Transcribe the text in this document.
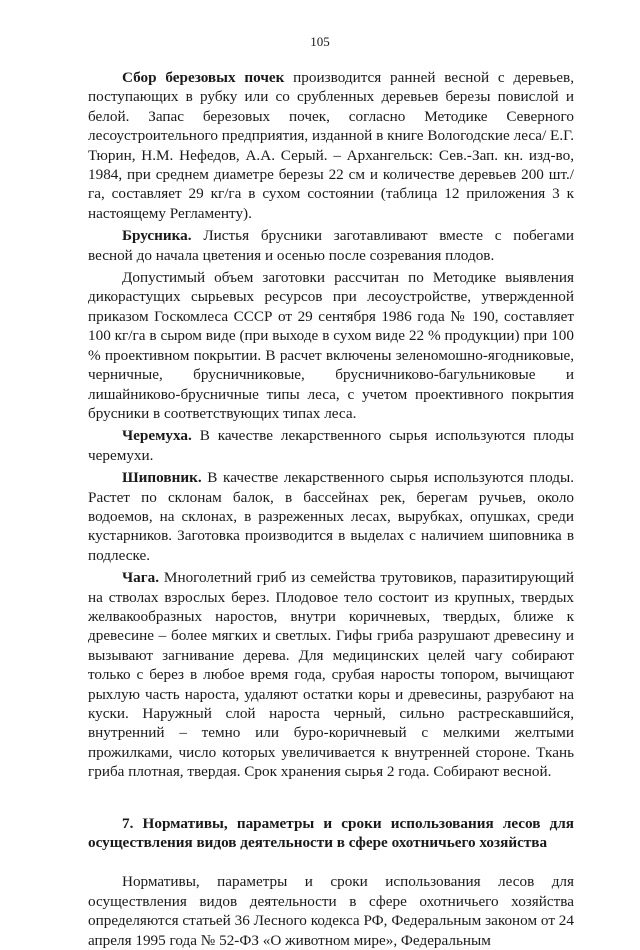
105

Сбор березовых почек производится ранней весной с деревьев, поступающих в рубку или со срубленных деревьев березы повислой и белой. Запас березовых почек, согласно Методике Северного лесоустроительного предприятия, изданной в книге Вологодские леса/ Е.Г. Тюрин, Н.М. Нефедов, А.А. Серый. – Архангельск: Сев.-Зап. кн. изд-во, 1984, при среднем диаметре березы 22 см и количестве деревьев 200 шт./га, составляет 29 кг/га в сухом состоянии (таблица 12 приложения 3 к настоящему Регламенту).

Брусника. Листья брусники заготавливают вместе с побегами весной до начала цветения и осенью после созревания плодов.

Допустимый объем заготовки рассчитан по Методике выявления дикорастущих сырьевых ресурсов при лесоустройстве, утвержденной приказом Госкомлеса СССР от 29 сентября 1986 года № 190, составляет 100 кг/га в сыром виде (при выходе в сухом виде 22 % продукции) при 100 % проективном покрытии. В расчет включены зеленомошно-ягодниковые, черничные, брусничниковые, брусничниково-багульниковые и лишайниково-брусничные типы леса, с учетом проективного покрытия брусники в соответствующих типах леса.

Черемуха. В качестве лекарственного сырья используются плоды черемухи.

Шиповник. В качестве лекарственного сырья используются плоды. Растет по склонам балок, в бассейнах рек, берегам ручьев, около водоемов, на склонах, в разреженных лесах, вырубках, опушках, среди кустарников. Заготовка производится в выделах с наличием шиповника в подлеске.

Чага. Многолетний гриб из семейства трутовиков, паразитирующий на стволах взрослых берез. Плодовое тело состоит из крупных, твердых желвакообразных наростов, внутри коричневых, твердых, ближе к древесине – более мягких и светлых. Гифы гриба разрушают древесину и вызывают загнивание дерева. Для медицинских целей чагу собирают только с берез в любое время года, срубая наросты топором, вычищают рыхлую часть нароста, удаляют остатки коры и древесины, разрубают на куски. Наружный слой нароста черный, сильно растрескавшийся, внутренний – темно или буро-коричневый с мелкими желтыми прожилками, число которых увеличивается к внутренней стороне. Ткань гриба плотная, твердая. Срок хранения сырья 2 года. Собирают весной.

7. Нормативы, параметры и сроки использования лесов для осуществления видов деятельности в сфере охотничьего хозяйства

Нормативы, параметры и сроки использования лесов для осуществления видов деятельности в сфере охотничьего хозяйства определяются статьей 36 Лесного кодекса РФ, Федеральным законом от 24 апреля 1995 года № 52-ФЗ «О животном мире», Федеральным
